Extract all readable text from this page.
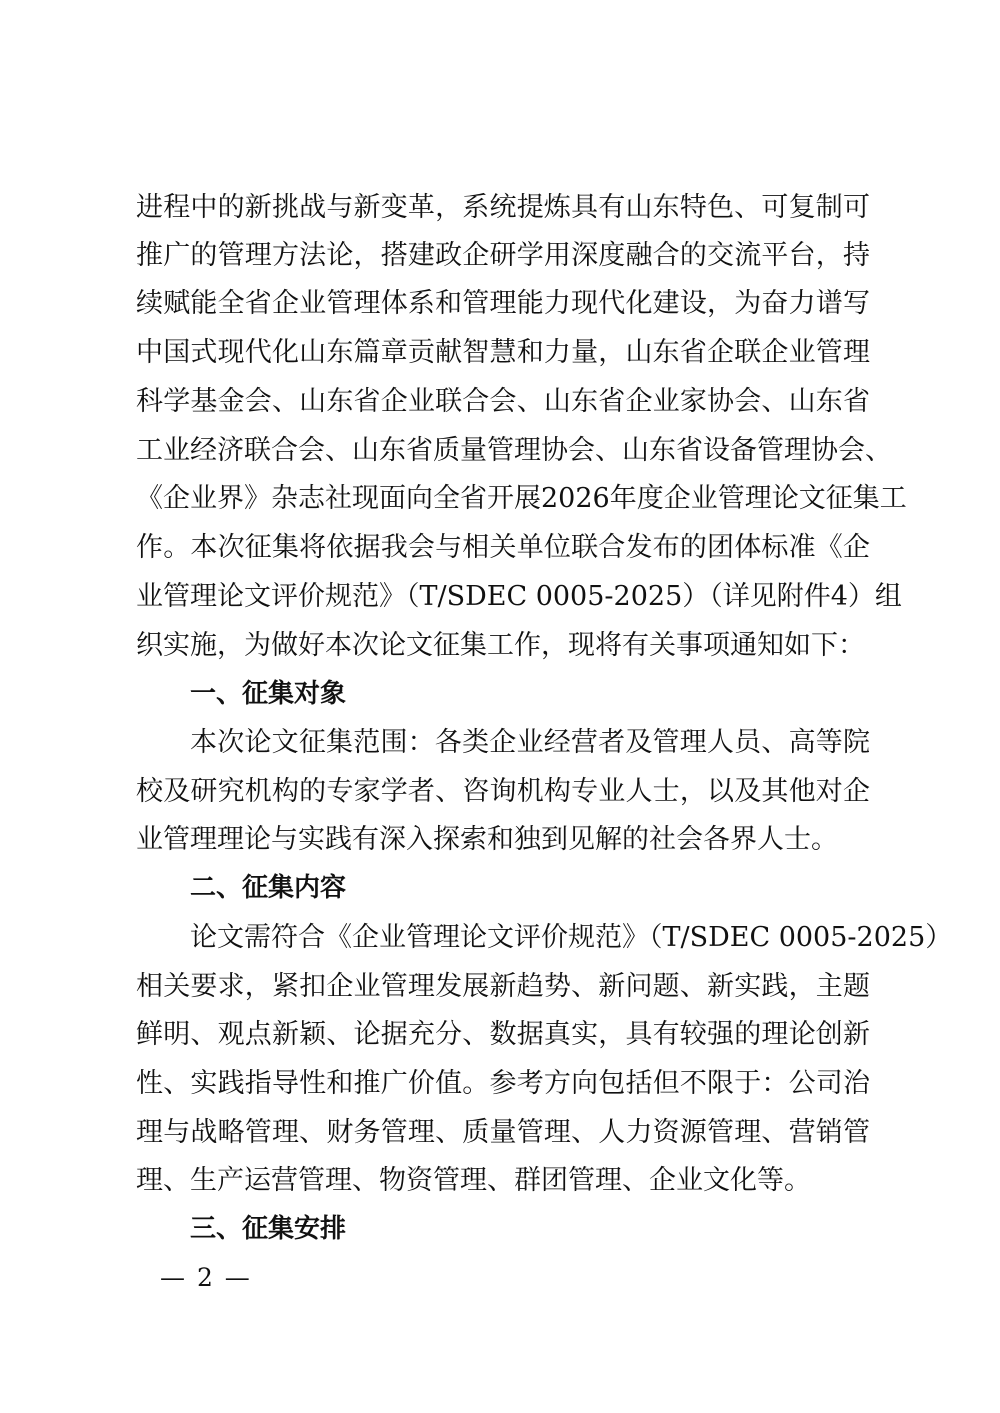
进程中的新挑战与新变革，系统提炼具有山东特色、可复制可
推广的管理方法论，搭建政企研学用深度融合的交流平台，持
续赋能全省企业管理体系和管理能力现代化建设，为奋力谱写
中国式现代化山东篇章贡献智慧和力量，山东省企联企业管理
科学基金会、山东省企业联合会、山东省企业家协会、山东省
工业经济联合会、山东省质量管理协会、山东省设备管理协会、
《企业界》杂志社现面向全省开展2026年度企业管理论文征集工
作。本次征集将依据我会与相关单位联合发布的团体标准《企
业管理论文评价规范》（T/SDEC 0005-2025）（详见附件4）组
织实施，为做好本次论文征集工作，现将有关事项通知如下：
一、征集对象
本次论文征集范围：各类企业经营者及管理人员、高等院
校及研究机构的专家学者、咨询机构专业人士，以及其他对企
业管理理论与实践有深入探索和独到见解的社会各界人士。
二、征集内容
论文需符合《企业管理论文评价规范》（T/SDEC 0005-2025）
相关要求，紧扣企业管理发展新趋势、新问题、新实践，主题
鲜明、观点新颖、论据充分、数据真实，具有较强的理论创新
性、实践指导性和推广价值。参考方向包括但不限于：公司治
理与战略管理、财务管理、质量管理、人力资源管理、营销管
理、生产运营管理、物资管理、群团管理、企业文化等。
三、征集安排
— 2 —
